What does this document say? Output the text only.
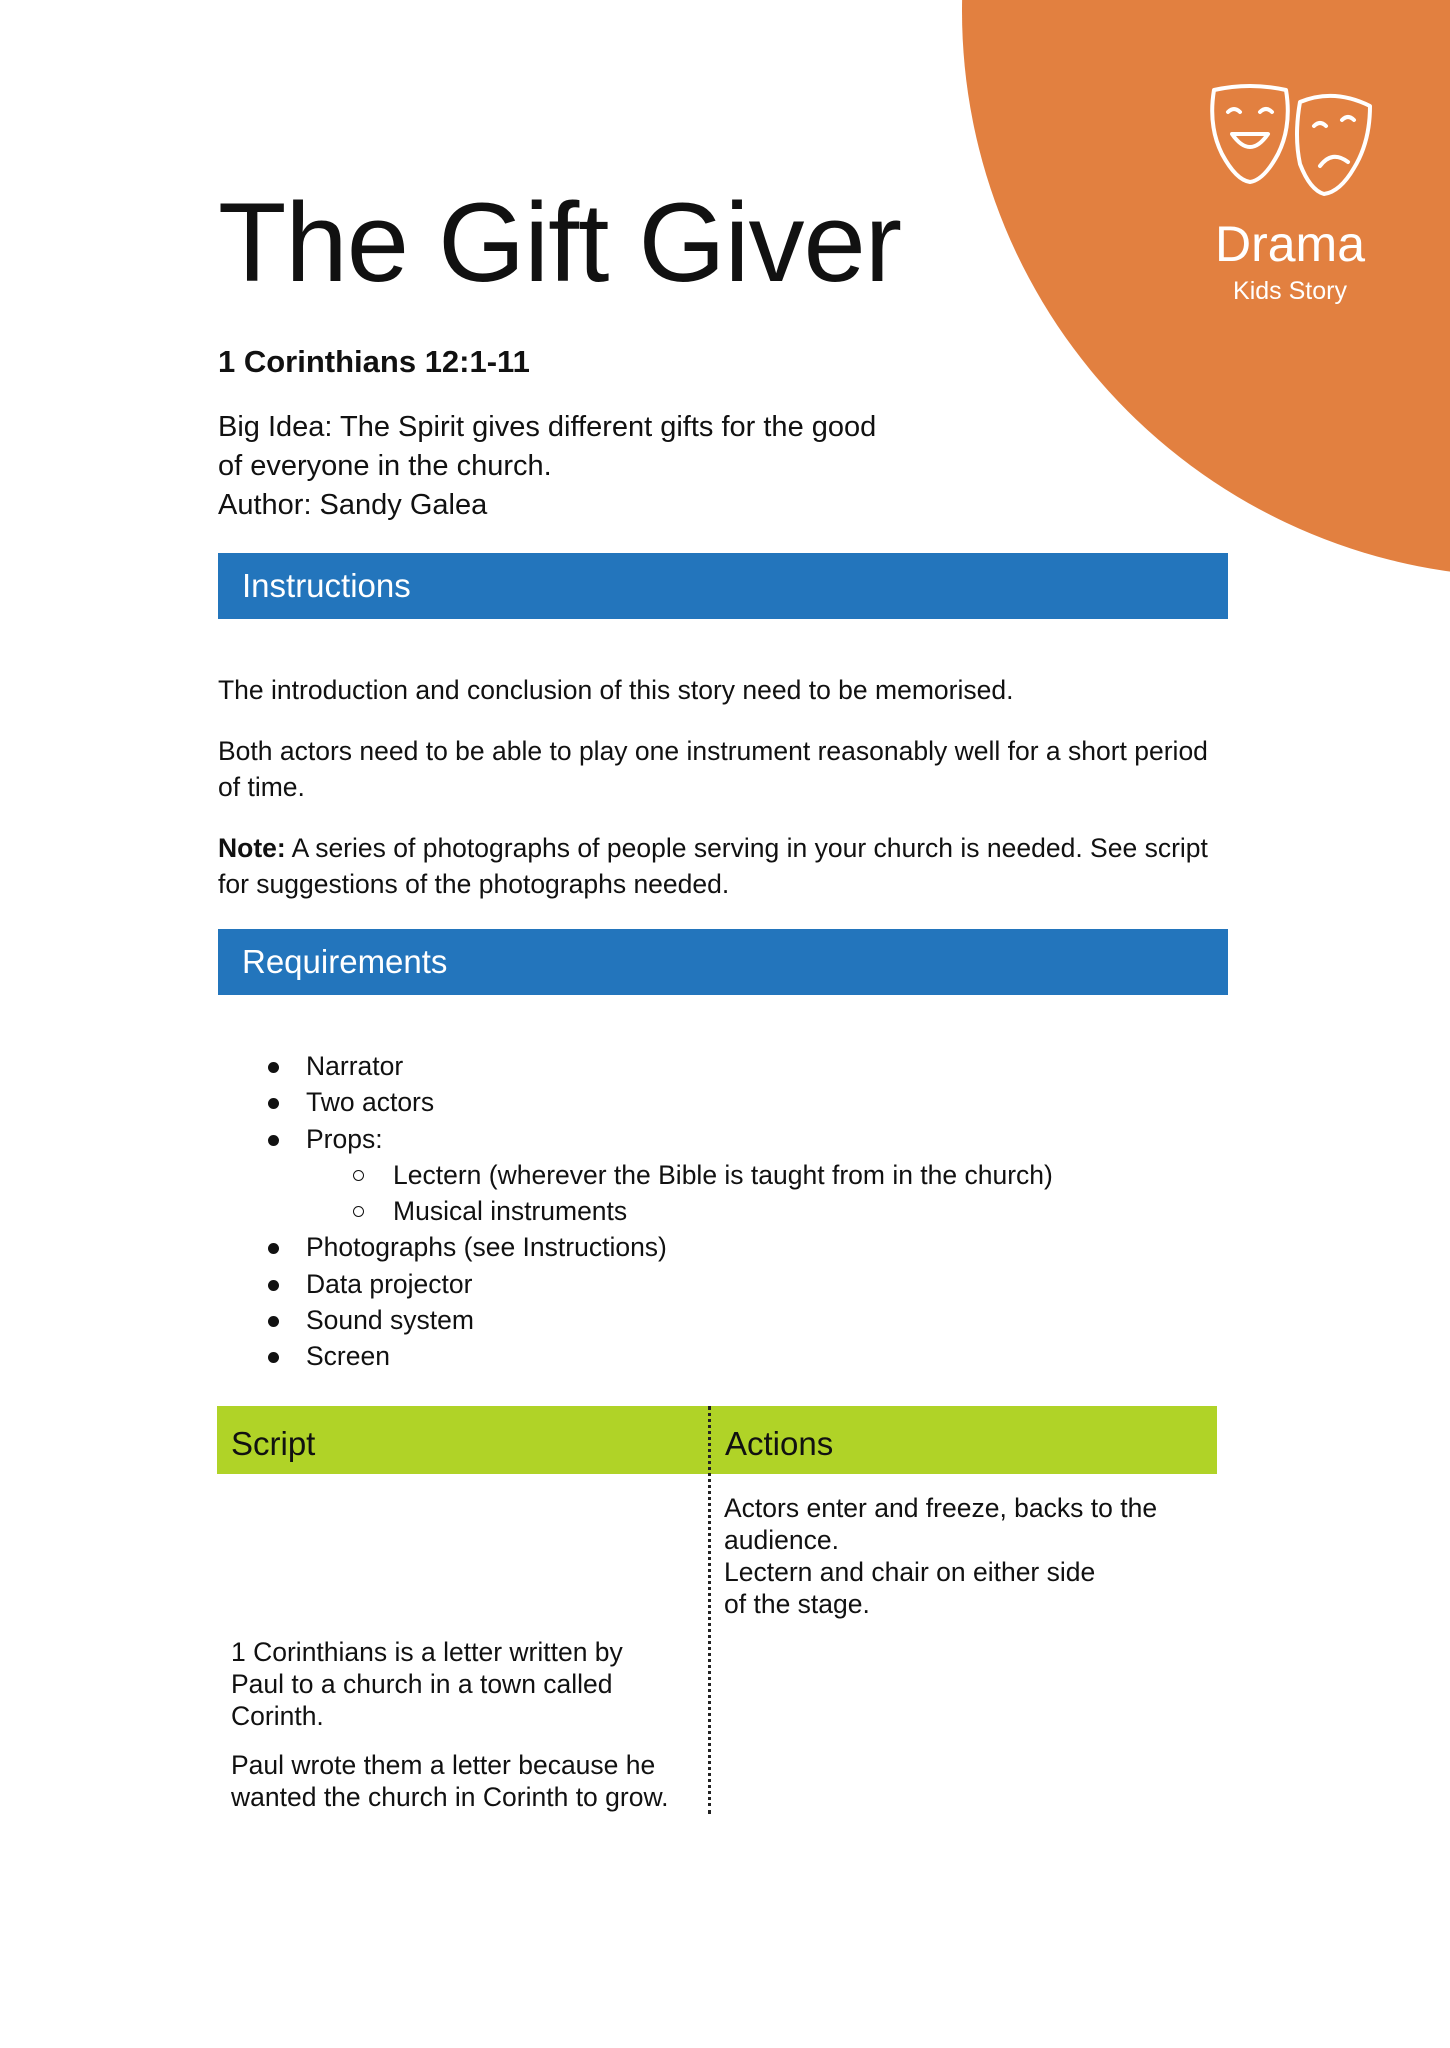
Drama
Kids Story
The Gift Giver

1 Corinthians 12:1-11

Big Idea: The Spirit gives different gifts for the good
of everyone in the church.
Author: Sandy Galea

Instructions

The introduction and conclusion of this story need to be memorised.

Both actors need to be able to play one instrument reasonably well for a short period of time.

Note: A series of photographs of people serving in your church is needed. See script for suggestions of the photographs needed.

Requirements
Narrator
Two actors
Props:
Lectern (wherever the Bible is taught from in the church)
Musical instruments
Photographs (see Instructions)
Data projector
Sound system
Screen
Script	Actions

Actors enter and freeze, backs to the
audience.
Lectern and chair on either side
of the stage.

1 Corinthians is a letter written by
Paul to a church in a town called
Corinth.

Paul wrote them a letter because he
wanted the church in Corinth to grow.
